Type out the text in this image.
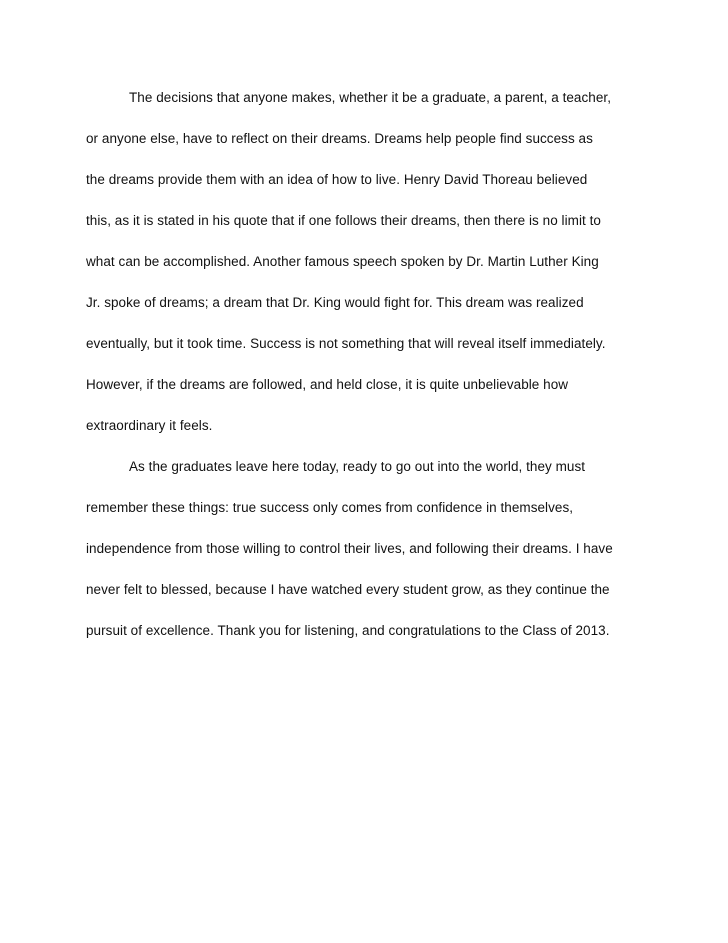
The decisions that anyone makes, whether it be a graduate, a parent, a teacher,
or anyone else, have to reflect on their dreams. Dreams help people find success as
the dreams provide them with an idea of how to live. Henry David Thoreau believed
this, as it is stated in his quote that if one follows their dreams, then there is no limit to
what can be accomplished. Another famous speech spoken by Dr. Martin Luther King
Jr. spoke of dreams; a dream that Dr. King would fight for. This dream was realized
eventually, but it took time. Success is not something that will reveal itself immediately.
However, if the dreams are followed, and held close, it is quite unbelievable how
extraordinary it feels.
As the graduates leave here today, ready to go out into the world, they must
remember these things: true success only comes from confidence in themselves,
independence from those willing to control their lives, and following their dreams. I have
never felt to blessed, because I have watched every student grow, as they continue the
pursuit of excellence. Thank you for listening, and congratulations to the Class of 2013.
